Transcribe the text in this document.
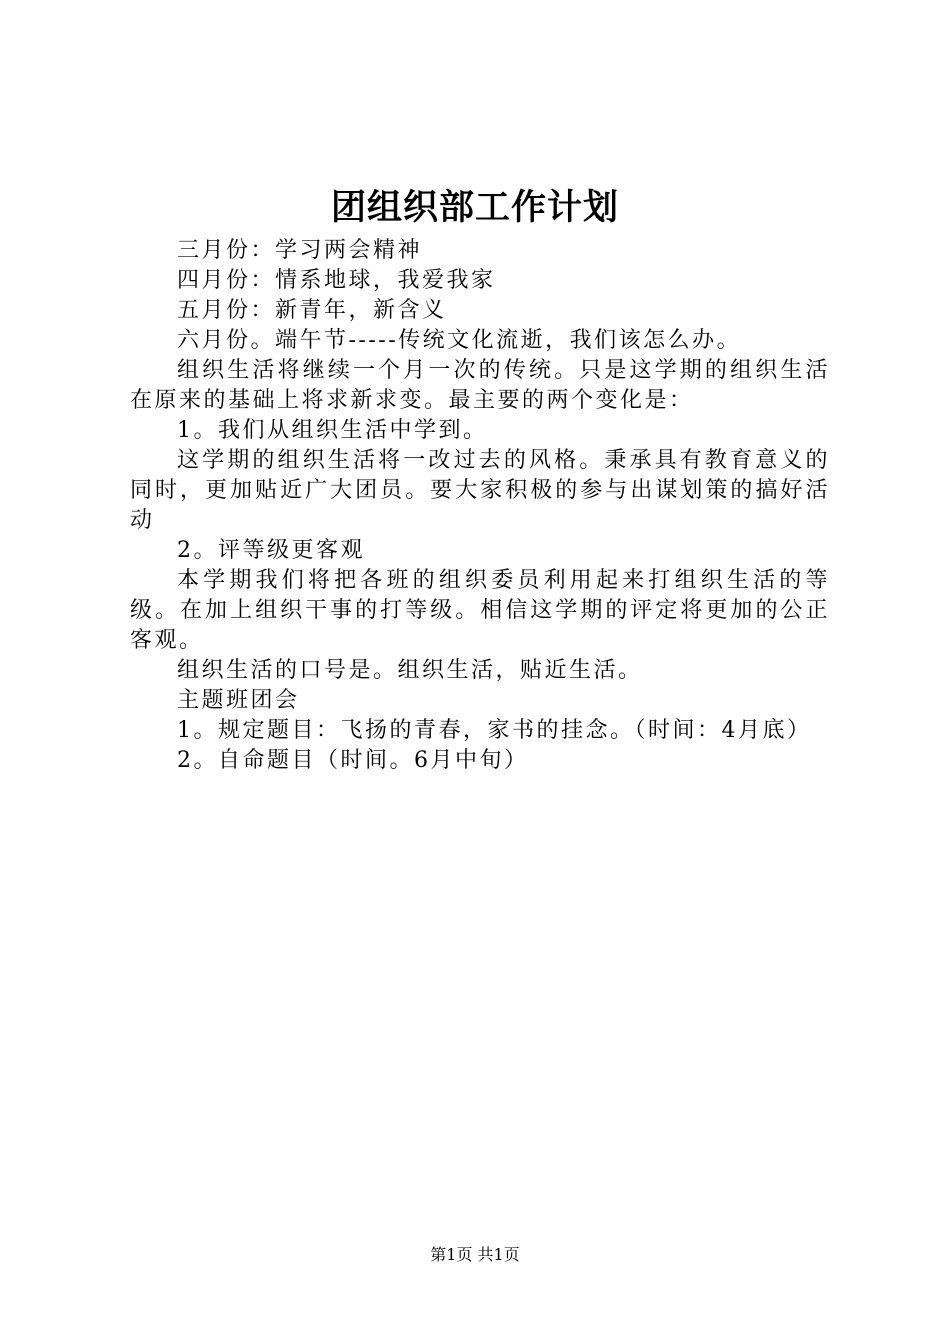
团组织部工作计划

三月份：学习两会精神

四月份：情系地球，我爱我家

五月份：新青年，新含义

六月份。端午节-----传统文化流逝，我们该怎么办。

组织生活将继续一个月一次的传统。只是这学期的组织生活在原来的基础上将求新求变。最主要的两个变化是：

1。我们从组织生活中学到。

这学期的组织生活将一改过去的风格。秉承具有教育意义的同时，更加贴近广大团员。要大家积极的参与出谋划策的搞好活动

2。评等级更客观

本学期我们将把各班的组织委员利用起来打组织生活的等级。在加上组织干事的打等级。相信这学期的评定将更加的公正客观。

组织生活的口号是。组织生活，贴近生活。

主题班团会

1。规定题目：飞扬的青春，家书的挂念。（时间：4月底）

2。自命题目（时间。6月中旬）

第1页 共1页
